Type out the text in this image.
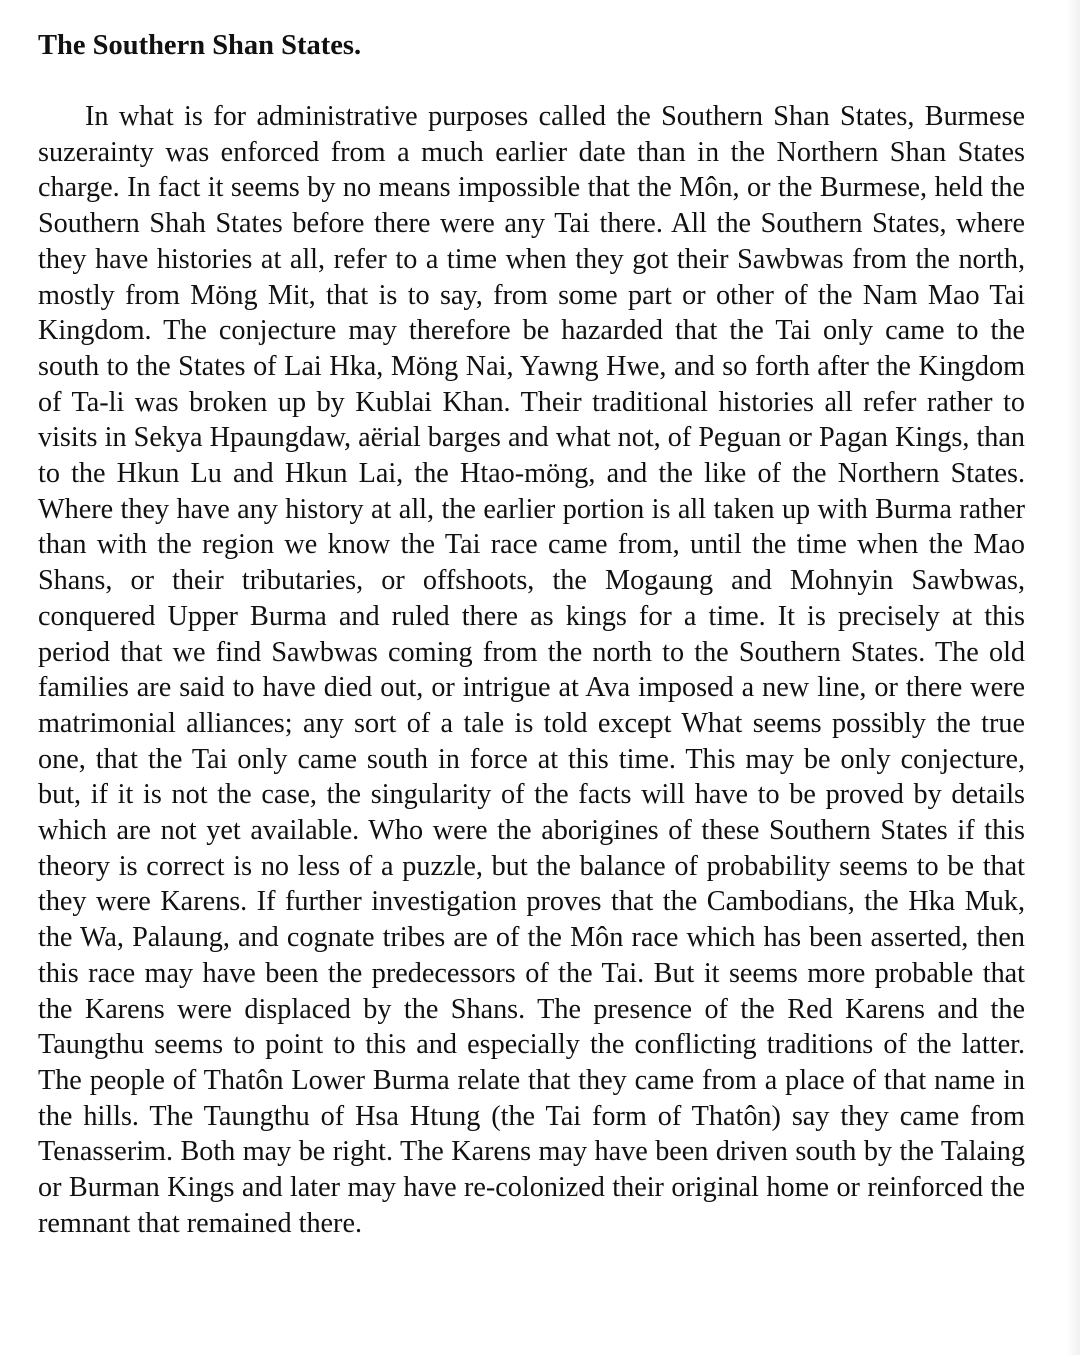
The Southern Shan States.

In what is for administrative purposes called the Southern Shan States, Burmese suzerainty was enforced from a much earlier date than in the Northern Shan States charge. In fact it seems by no means impossible that the Môn, or the Burmese, held the Southern Shah States before there were any Tai there. All the Southern States, where they have histories at all, refer to a time when they got their Sawbwas from the north, mostly from Möng Mit, that is to say, from some part or other of the Nam Mao Tai Kingdom. The conjecture may therefore be hazarded that the Tai only came to the south to the States of Lai Hka, Möng Nai, Yawng Hwe, and so forth after the Kingdom of Ta-li was broken up by Kublai Khan. Their traditional histories all refer rather to visits in Sekya Hpaungdaw, aërial barges and what not, of Peguan or Pagan Kings, than to the Hkun Lu and Hkun Lai, the Htao-möng, and the like of the Northern States. Where they have any history at all, the earlier portion is all taken up with Burma rather than with the region we know the Tai race came from, until the time when the Mao Shans, or their tributaries, or offshoots, the Mogaung and Mohnyin Sawbwas, conquered Upper Burma and ruled there as kings for a time. It is precisely at this period that we find Sawbwas coming from the north to the Southern States. The old families are said to have died out, or intrigue at Ava imposed a new line, or there were matrimonial alliances; any sort of a tale is told except What seems possibly the true one, that the Tai only came south in force at this time. This may be only conjecture, but, if it is not the case, the singularity of the facts will have to be proved by details which are not yet available. Who were the aborigines of these Southern States if this theory is correct is no less of a puzzle, but the balance of probability seems to be that they were Karens. If further investigation proves that the Cambodians, the Hka Muk, the Wa, Palaung, and cognate tribes are of the Môn race which has been asserted, then this race may have been the predecessors of the Tai. But it seems more probable that the Karens were displaced by the Shans. The presence of the Red Karens and the Taungthu seems to point to this and especially the conflicting traditions of the latter. The people of Thatôn Lower Burma relate that they came from a place of that name in the hills. The Taungthu of Hsa Htung (the Tai form of Thatôn) say they came from Tenasserim. Both may be right. The Karens may have been driven south by the Talaing or Burman Kings and later may have re-colonized their original home or reinforced the remnant that remained there.
